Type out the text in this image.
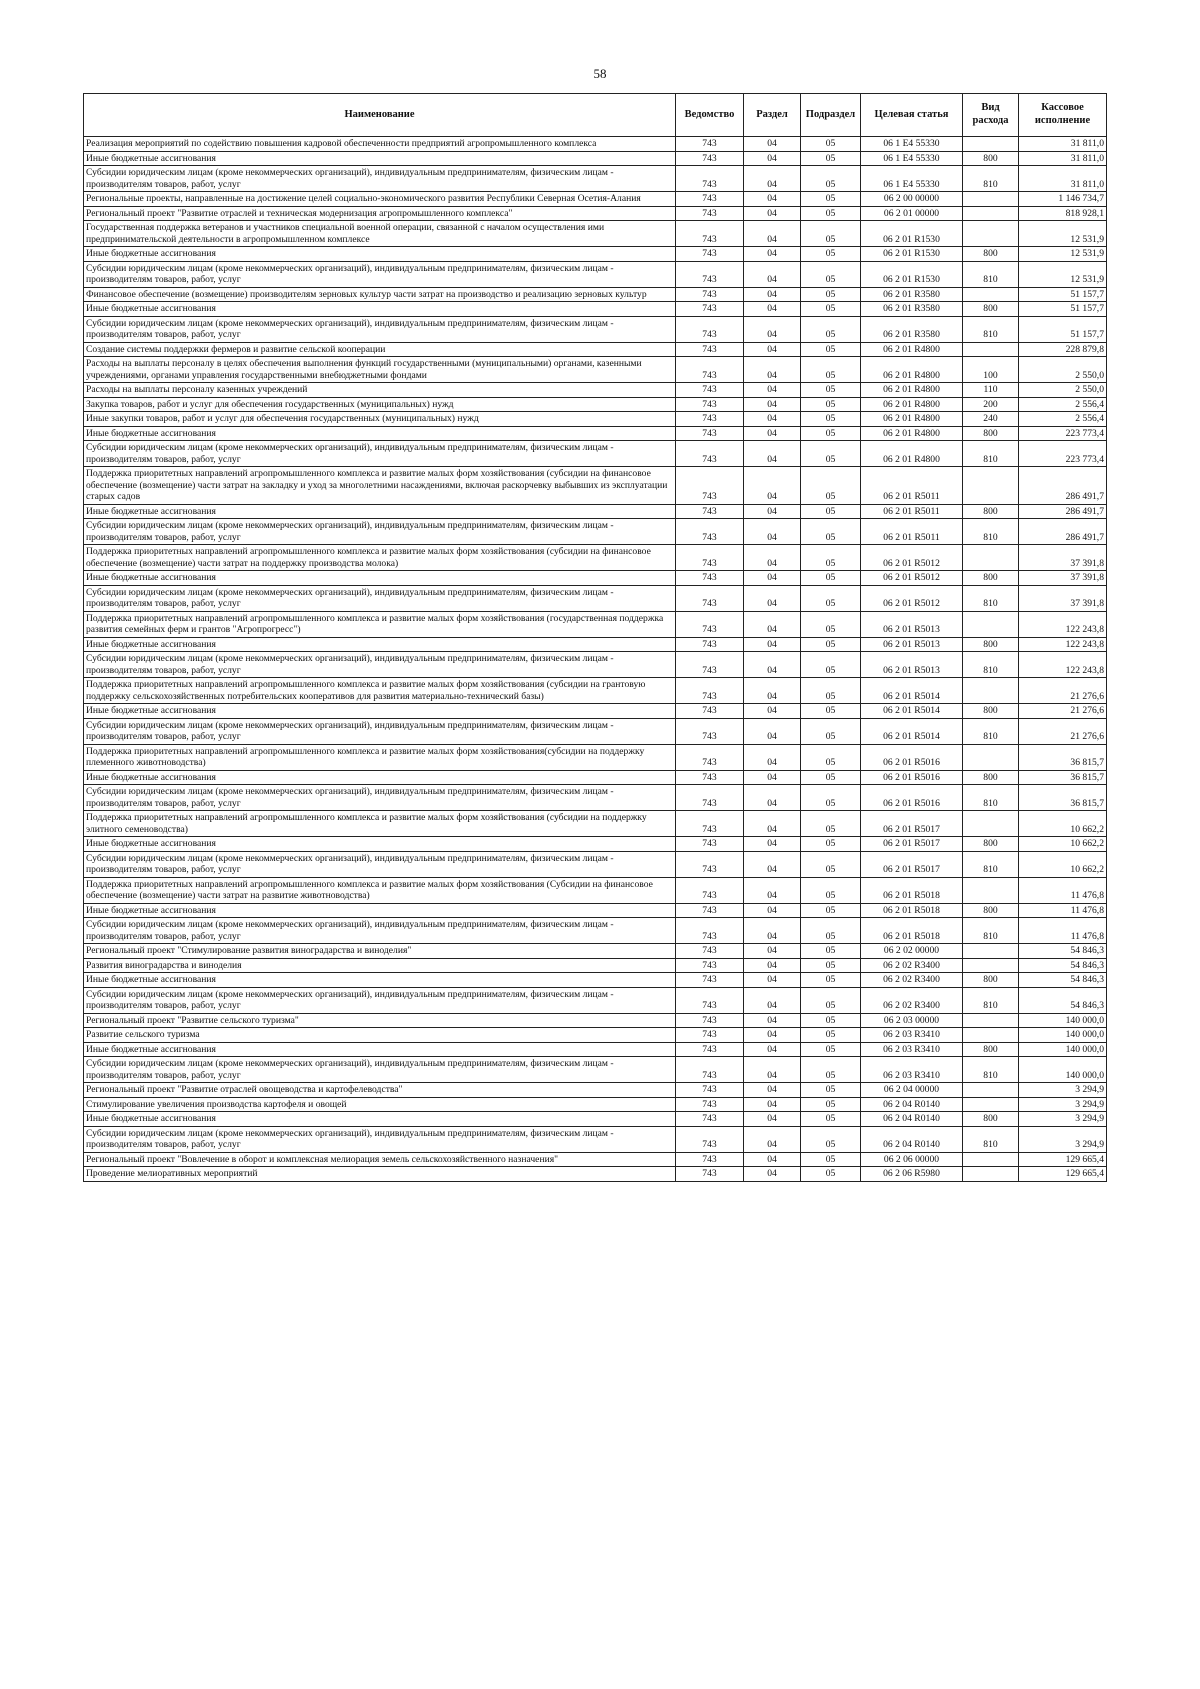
58
Наименование	Ведомство	Раздел	Подраздел	Целевая статья	Вид расхода	Кассовое исполнение
Реализация мероприятий по содействию повышения кадровой обеспеченности предприятий агропромышленного комплекса	743	04	05	06 1 E4 55330		31 811,0
Иные бюджетные ассигнования	743	04	05	06 1 E4 55330	800	31 811,0
Субсидии юридическим лицам (кроме некоммерческих организаций), индивидуальным предпринимателям, физическим лицам - производителям товаров, работ, услуг	743	04	05	06 1 E4 55330	810	31 811,0
Региональные проекты, направленные на достижение целей социально-экономического развития Республики Северная Осетия-Алания	743	04	05	06 2 00 00000		1 146 734,7
Региональный проект "Развитие отраслей и техническая модернизация агропромышленного комплекса"	743	04	05	06 2 01 00000		818 928,1
Государственная поддержка ветеранов и участников специальной военной операции, связанной с началом осуществления ими предпринимательской деятельности в агропромышленном комплексе	743	04	05	06 2 01 R1530		12 531,9
Иные бюджетные ассигнования	743	04	05	06 2 01 R1530	800	12 531,9
Субсидии юридическим лицам (кроме некоммерческих организаций), индивидуальным предпринимателям, физическим лицам - производителям товаров, работ, услуг	743	04	05	06 2 01 R1530	810	12 531,9
Финансовое обеспечение (возмещение) производителям зерновых культур части затрат на производство и реализацию зерновых культур	743	04	05	06 2 01 R3580		51 157,7
Иные бюджетные ассигнования	743	04	05	06 2 01 R3580	800	51 157,7
Субсидии юридическим лицам (кроме некоммерческих организаций), индивидуальным предпринимателям, физическим лицам - производителям товаров, работ, услуг	743	04	05	06 2 01 R3580	810	51 157,7
Создание системы поддержки фермеров и развитие сельской кооперации	743	04	05	06 2 01 R4800		228 879,8
Расходы на выплаты персоналу в целях обеспечения выполнения функций государственными (муниципальными) органами, казенными учреждениями, органами управления государственными внебюджетными фондами	743	04	05	06 2 01 R4800	100	2 550,0
Расходы на выплаты персоналу казенных учреждений	743	04	05	06 2 01 R4800	110	2 550,0
Закупка товаров, работ и услуг для обеспечения государственных (муниципальных) нужд	743	04	05	06 2 01 R4800	200	2 556,4
Иные закупки товаров, работ и услуг для обеспечения государственных (муниципальных) нужд	743	04	05	06 2 01 R4800	240	2 556,4
Иные бюджетные ассигнования	743	04	05	06 2 01 R4800	800	223 773,4
Субсидии юридическим лицам (кроме некоммерческих организаций), индивидуальным предпринимателям, физическим лицам - производителям товаров, работ, услуг	743	04	05	06 2 01 R4800	810	223 773,4
Поддержка приоритетных направлений агропромышленного комплекса и развитие малых форм хозяйствования (субсидии на финансовое обеспечение (возмещение) части затрат на закладку и уход за многолетними насаждениями, включая раскорчевку выбывших из эксплуатации старых садов	743	04	05	06 2 01 R5011		286 491,7
Иные бюджетные ассигнования	743	04	05	06 2 01 R5011	800	286 491,7
Субсидии юридическим лицам (кроме некоммерческих организаций), индивидуальным предпринимателям, физическим лицам - производителям товаров, работ, услуг	743	04	05	06 2 01 R5011	810	286 491,7
Поддержка приоритетных направлений агропромышленного комплекса и развитие малых форм хозяйствования (субсидии на финансовое обеспечение (возмещение) части затрат на поддержку производства молока)	743	04	05	06 2 01 R5012		37 391,8
Иные бюджетные ассигнования	743	04	05	06 2 01 R5012	800	37 391,8
Субсидии юридическим лицам (кроме некоммерческих организаций), индивидуальным предпринимателям, физическим лицам - производителям товаров, работ, услуг	743	04	05	06 2 01 R5012	810	37 391,8
Поддержка приоритетных направлений агропромышленного комплекса и развитие малых форм хозяйствования (государственная поддержка развития семейных ферм и грантов "Агропрогресс")	743	04	05	06 2 01 R5013		122 243,8
Иные бюджетные ассигнования	743	04	05	06 2 01 R5013	800	122 243,8
Субсидии юридическим лицам (кроме некоммерческих организаций), индивидуальным предпринимателям, физическим лицам - производителям товаров, работ, услуг	743	04	05	06 2 01 R5013	810	122 243,8
Поддержка приоритетных направлений агропромышленного комплекса и развитие малых форм хозяйствования (субсидии на грантовую поддержку сельскохозяйственных потребительских кооперативов для развития материально-технический базы)	743	04	05	06 2 01 R5014		21 276,6
Иные бюджетные ассигнования	743	04	05	06 2 01 R5014	800	21 276,6
Субсидии юридическим лицам (кроме некоммерческих организаций), индивидуальным предпринимателям, физическим лицам - производителям товаров, работ, услуг	743	04	05	06 2 01 R5014	810	21 276,6
Поддержка приоритетных направлений агропромышленного комплекса и развитие малых форм хозяйствования(субсидии на поддержку племенного животноводства)	743	04	05	06 2 01 R5016		36 815,7
Иные бюджетные ассигнования	743	04	05	06 2 01 R5016	800	36 815,7
Субсидии юридическим лицам (кроме некоммерческих организаций), индивидуальным предпринимателям, физическим лицам - производителям товаров, работ, услуг	743	04	05	06 2 01 R5016	810	36 815,7
Поддержка приоритетных направлений агропромышленного комплекса и развитие малых форм хозяйствования (субсидии на поддержку элитного семеноводства)	743	04	05	06 2 01 R5017		10 662,2
Иные бюджетные ассигнования	743	04	05	06 2 01 R5017	800	10 662,2
Субсидии юридическим лицам (кроме некоммерческих организаций), индивидуальным предпринимателям, физическим лицам - производителям товаров, работ, услуг	743	04	05	06 2 01 R5017	810	10 662,2
Поддержка приоритетных направлений агропромышленного комплекса и развитие малых форм хозяйствования (Субсидии на финансовое обеспечение (возмещение) части затрат на развитие животноводства)	743	04	05	06 2 01 R5018		11 476,8
Иные бюджетные ассигнования	743	04	05	06 2 01 R5018	800	11 476,8
Субсидии юридическим лицам (кроме некоммерческих организаций), индивидуальным предпринимателям, физическим лицам - производителям товаров, работ, услуг	743	04	05	06 2 01 R5018	810	11 476,8
Региональный проект "Стимулирование развития виноградарства и виноделия"	743	04	05	06 2 02 00000		54 846,3
Развития виноградарства и виноделия	743	04	05	06 2 02 R3400		54 846,3
Иные бюджетные ассигнования	743	04	05	06 2 02 R3400	800	54 846,3
Субсидии юридическим лицам (кроме некоммерческих организаций), индивидуальным предпринимателям, физическим лицам - производителям товаров, работ, услуг	743	04	05	06 2 02 R3400	810	54 846,3
Региональный проект "Развитие сельского туризма"	743	04	05	06 2 03 00000		140 000,0
Развитие сельского туризма	743	04	05	06 2 03 R3410		140 000,0
Иные бюджетные ассигнования	743	04	05	06 2 03 R3410	800	140 000,0
Субсидии юридическим лицам (кроме некоммерческих организаций), индивидуальным предпринимателям, физическим лицам - производителям товаров, работ, услуг	743	04	05	06 2 03 R3410	810	140 000,0
Региональный проект "Развитие отраслей овощеводства и картофелеводства"	743	04	05	06 2 04 00000		3 294,9
Стимулирование увеличения производства картофеля и овощей	743	04	05	06 2 04 R0140		3 294,9
Иные бюджетные ассигнования	743	04	05	06 2 04 R0140	800	3 294,9
Субсидии юридическим лицам (кроме некоммерческих организаций), индивидуальным предпринимателям, физическим лицам - производителям товаров, работ, услуг	743	04	05	06 2 04 R0140	810	3 294,9
Региональный проект "Вовлечение в оборот и комплексная мелиорация земель сельскохозяйственного назначения"	743	04	05	06 2 06 00000		129 665,4
Проведение мелиоративных мероприятий	743	04	05	06 2 06 R5980		129 665,4
